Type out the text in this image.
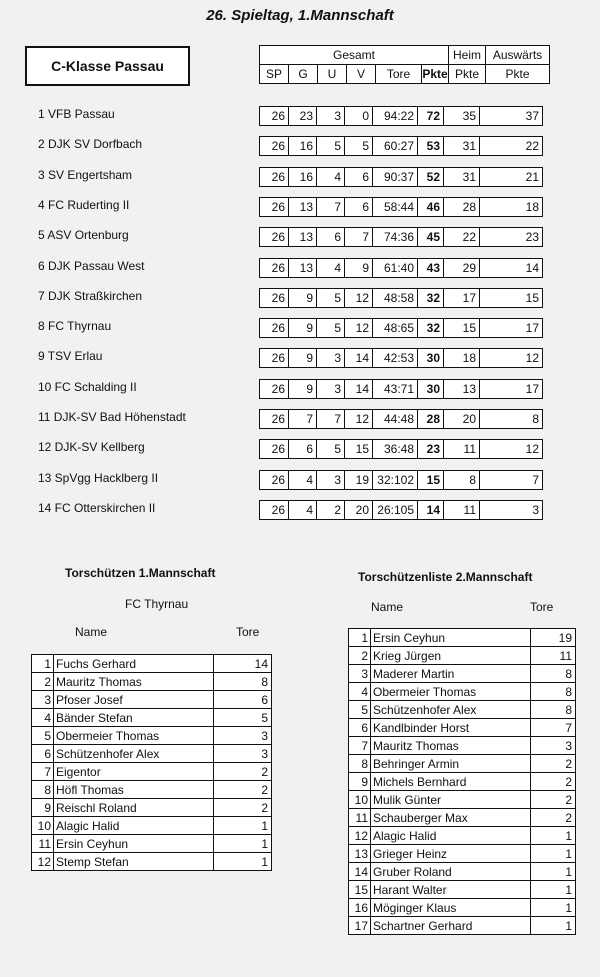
26. Spieltag, 1.Mannschaft
C-Klasse Passau
Gesamt						Heim	Auswärts
SP	G	U	V	Tore	Pkte	Pkte	Pkte
1 VFB Passau	26	23	3	0	94:22	72	35	37
2 DJK SV Dorfbach	26	16	5	5	60:27	53	31	22
3 SV Engertsham	26	16	4	6	90:37	52	31	21
4 FC Ruderting II	26	13	7	6	58:44	46	28	18
5 ASV Ortenburg	26	13	6	7	74:36	45	22	23
6 DJK Passau West	26	13	4	9	61:40	43	29	14
7 DJK Straßkirchen	26	9	5	12	48:58	32	17	15
8 FC Thyrnau	26	9	5	12	48:65	32	15	17
9 TSV Erlau	26	9	3	14	42:53	30	18	12
10 FC Schalding II	26	9	3	14	43:71	30	13	17
11 DJK-SV Bad Höhenstadt	26	7	7	12	44:48	28	20	8
12 DJK-SV Kellberg	26	6	5	15	36:48	23	11	12
13 SpVgg Hacklberg II	26	4	3	19 32:102	15	8	7
14 FC Otterskirchen II	26	4	2	20 26:105	14	11	3
Torschützen 1.Mannschaft
FC Thyrnau
Name	Tore
1	Fuchs Gerhard	14
2	Mauritz Thomas	8
3	Pfoser Josef	6
4	Bänder Stefan	5
5	Obermeier Thomas	3
6	Schützenhofer Alex	3
7	Eigentor	2
8	Höfl Thomas	2
9	Reischl Roland	2
10	Alagic Halid	1
11	Ersin Ceyhun	1
12	Stemp Stefan	1
Torschützenliste 2.Mannschaft
Name	Tore
1	Ersin Ceyhun	19
2	Krieg Jürgen	11
3	Maderer Martin	8
4	Obermeier Thomas	8
5	Schützenhofer Alex	8
6	Kandlbinder Horst	7
7	Mauritz Thomas	3
8	Behringer Armin	2
9	Michels Bernhard	2
10	Mulik Günter	2
11	Schauberger Max	2
12	Alagic Halid	1
13	Grieger Heinz	1
14	Gruber Roland	1
15	Harant Walter	1
16	Möginger Klaus	1
17	Schartner Gerhard	1
